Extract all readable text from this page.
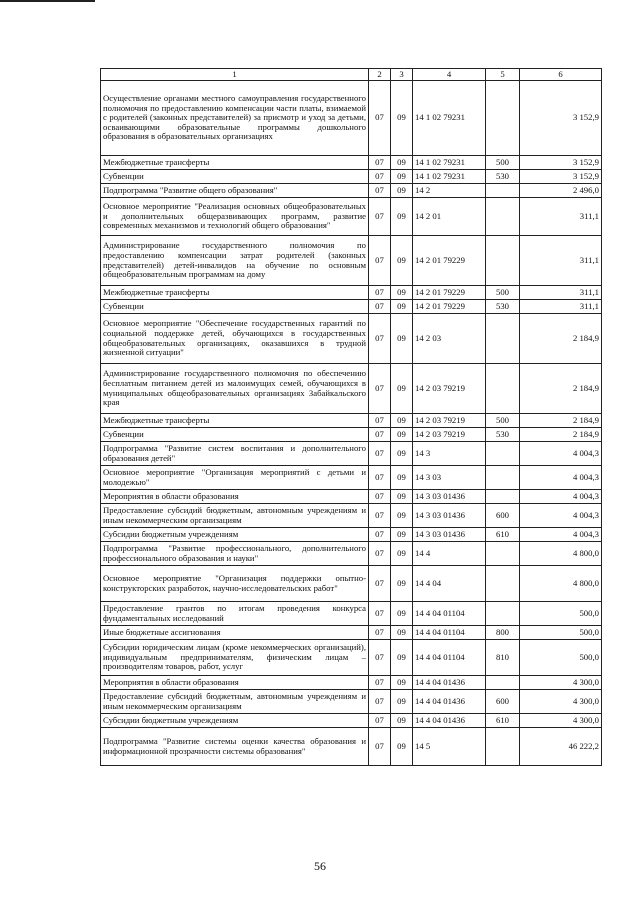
1	2	3	4	5	6
Осуществление органами местного самоуправления государственного полномочия по предоставлению компенсации части платы, взимаемой с родителей (законных представителей) за присмотр и уход за детьми, осваивающими образовательные программы дошкольного образования в образовательных организациях	07	09	14 1 02 79231		3 152,9
Межбюджетные трансферты	07	09	14 1 02 79231	500	3 152,9
Субвенции	07	09	14 1 02 79231	530	3 152,9
Подпрограмма "Развитие общего образования"	07	09	14 2		2 496,0
Основное мероприятие "Реализация основных общеобразовательных и дополнительных общеразвивающих программ, развитие современных механизмов и технологий общего образования"	07	09	14 2 01		311,1
Администрирование государственного полномочия по предоставлению компенсации затрат родителей (законных представителей) детей-инвалидов на обучение по основным общеобразовательным программам на дому	07	09	14 2 01 79229		311,1
Межбюджетные трансферты	07	09	14 2 01 79229	500	311,1
Субвенции	07	09	14 2 01 79229	530	311,1
Основное мероприятие "Обеспечение государственных гарантий по социальной поддержке детей, обучающихся в государственных общеобразовательных организациях, оказавшихся в трудной жизненной ситуации"	07	09	14 2 03		2 184,9
Администрирование государственного полномочия по обеспечению бесплатным питанием детей из малоимущих семей, обучающихся в муниципальных общеобразовательных организациях Забайкальского края	07	09	14 2 03 79219		2 184,9
Межбюджетные трансферты	07	09	14 2 03 79219	500	2 184,9
Субвенции	07	09	14 2 03 79219	530	2 184,9
Подпрограмма "Развитие систем воспитания и дополнительного образования детей"	07	09	14 3		4 004,3
Основное мероприятие "Организация мероприятий с детьми и молодежью"	07	09	14 3 03		4 004,3
Мероприятия в области образования	07	09	14 3 03 01436		4 004,3
Предоставление субсидий бюджетным, автономным учреждениям и иным некоммерческим организациям	07	09	14 3 03 01436	600	4 004,3
Субсидии бюджетным учреждениям	07	09	14 3 03 01436	610	4 004,3
Подпрограмма "Развитие профессионального, дополнительного профессионального образования и науки"	07	09	14 4		4 800,0
Основное мероприятие "Организация поддержки опытно-конструкторских разработок, научно-исследовательских работ"	07	09	14 4 04		4 800,0
Предоставление грантов по итогам проведения конкурса фундаментальных исследований	07	09	14 4 04 01104		500,0
Иные бюджетные ассигнования	07	09	14 4 04 01104	800	500,0
Субсидии юридическим лицам (кроме некоммерческих организаций), индивидуальным предпринимателям, физическим лицам – производителям товаров, работ, услуг	07	09	14 4 04 01104	810	500,0
Мероприятия в области образования	07	09	14 4 04 01436		4 300,0
Предоставление субсидий бюджетным, автономным учреждениям и иным некоммерческим организациям	07	09	14 4 04 01436	600	4 300,0
Субсидии бюджетным учреждениям	07	09	14 4 04 01436	610	4 300,0
Подпрограмма "Развитие системы оценки качества образования и информационной прозрачности системы образования"	07	09	14 5		46 222,2
56
